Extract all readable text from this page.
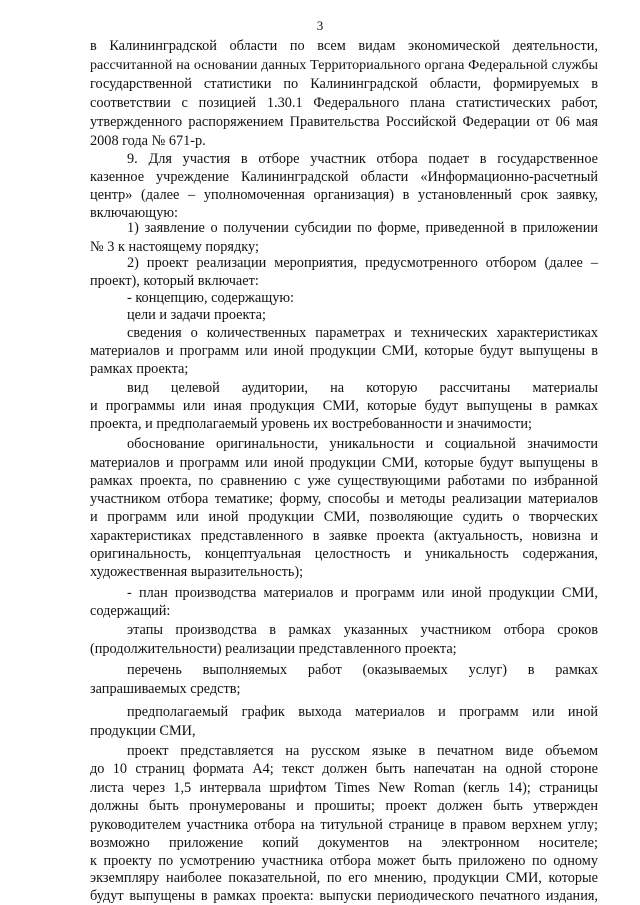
3
в Калининградской области по всем видам экономической деятельности,
рассчитанной на основании данных Территориального органа Федеральной службы
государственной статистики по Калининградской области, формируемых в
соответствии с позицией 1.30.1 Федерального плана статистических работ,
утвержденного распоряжением Правительства Российской Федерации от 06 мая
2008 года № 671-р.
9. Для участия в отборе участник отбора подает в государственное
казенное учреждение Калининградской области «Информационно-расчетный
центр» (далее – уполномоченная организация) в установленный срок заявку,
включающую:
1) заявление о получении субсидии по форме, приведенной в приложении
№ 3 к настоящему порядку;
2) проект реализации мероприятия, предусмотренного отбором (далее –
проект), который включает:
- концепцию, содержащую:
цели и задачи проекта;
сведения о количественных параметрах и технических характеристиках
материалов и программ или иной продукции СМИ, которые будут выпущены в
рамках проекта;
вид целевой аудитории, на которую рассчитаны материалы
и программы или иная продукция СМИ, которые будут выпущены в рамках
проекта, и предполагаемый уровень их востребованности и значимости;
обоснование оригинальности, уникальности и социальной значимости
материалов и программ или иной продукции СМИ, которые будут выпущены в
рамках проекта, по сравнению с уже существующими работами по избранной
участником отбора тематике; форму, способы и методы реализации материалов
и программ или иной продукции СМИ, позволяющие судить о творческих
характеристиках представленного в заявке проекта (актуальность, новизна и
оригинальность, концептуальная целостность и уникальность содержания,
художественная выразительность);
- план производства материалов и программ или иной продукции СМИ,
содержащий:
этапы производства в рамках указанных участником отбора сроков
(продолжительности) реализации представленного проекта;
перечень выполняемых работ (оказываемых услуг) в рамках
запрашиваемых средств;
предполагаемый график выхода материалов и программ или иной
продукции СМИ,
проект представляется на русском языке в печатном виде объемом
до 10 страниц формата А4; текст должен быть напечатан на одной стороне
листа через 1,5 интервала шрифтом Times New Roman (кегль 14); страницы
должны быть пронумерованы и прошиты; проект должен быть утвержден
руководителем участника отбора на титульной странице в правом верхнем углу;
возможно приложение копий документов на электронном носителе;
к проекту по усмотрению участника отбора может быть приложено по одному
экземпляру наиболее показательной, по его мнению, продукции СМИ, которые
будут выпущены в рамках проекта: выпуски периодического печатного издания,
